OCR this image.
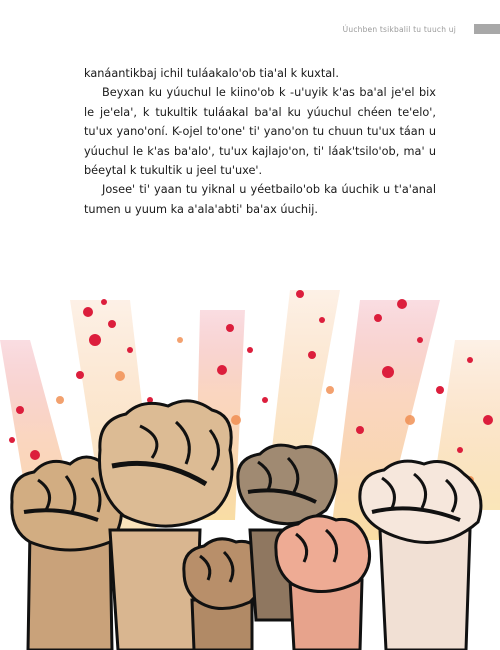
Úuchben tsikbalil tu tuuch uj

kanáantikbaj ichil tuláakalo'ob tia'al k kuxtal.

Beyxan ku yúuchul le kiino'ob k -u'uyik k'as ba'al je'el bix le je'ela', k tukultik tuláakal ba'al ku yúuchul chéen te'elo', tu'ux yano'oní. K-ojel to'one' ti' yano'on tu chuun tu'ux táan u yúuchul le k'as ba'alo', tu'ux kajlajo'on, ti' láak'tsilo'ob, ma' u béeytal k tukultik u jeel tu'uxe'.

Josee' ti' yaan tu yiknal u yéetbailo'ob ka úuchik u t'a'anal tumen u yuum ka a'ala'abti' ba'ax úuchij.
